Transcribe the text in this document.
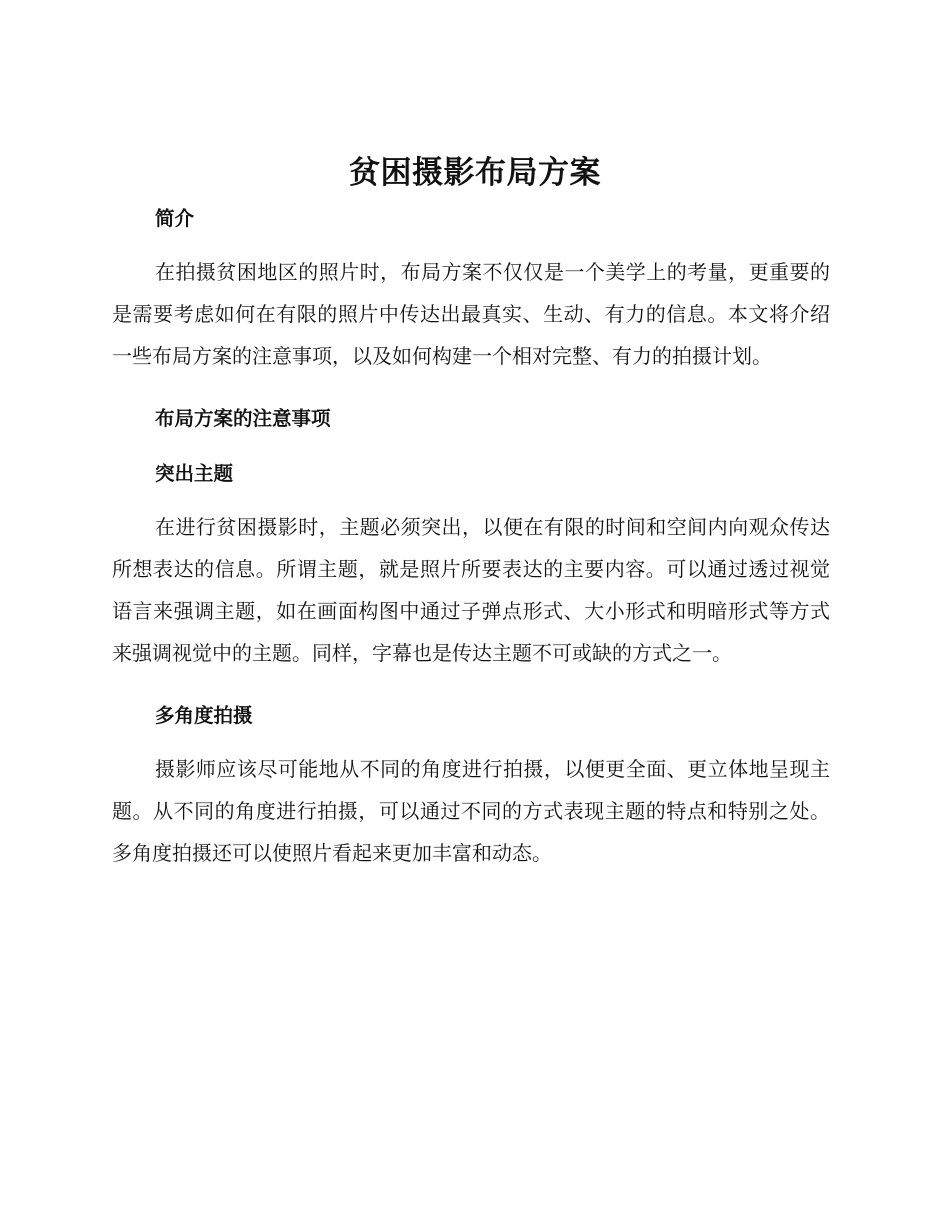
贫困摄影布局方案
简介

在拍摄贫困地区的照片时，布局方案不仅仅是一个美学上的考量，更重要的是需要考虑如何在有限的照片中传达出最真实、生动、有力的信息。本文将介绍一些布局方案的注意事项，以及如何构建一个相对完整、有力的拍摄计划。

布局方案的注意事项
突出主题

在进行贫困摄影时，主题必须突出，以便在有限的时间和空间内向观众传达所想表达的信息。所谓主题，就是照片所要表达的主要内容。可以通过透过视觉语言来强调主题，如在画面构图中通过子弹点形式、大小形式和明暗形式等方式来强调视觉中的主题。同样，字幕也是传达主题不可或缺的方式之一。

多角度拍摄

摄影师应该尽可能地从不同的角度进行拍摄，以便更全面、更立体地呈现主题。从不同的角度进行拍摄，可以通过不同的方式表现主题的特点和特别之处。多角度拍摄还可以使照片看起来更加丰富和动态。
